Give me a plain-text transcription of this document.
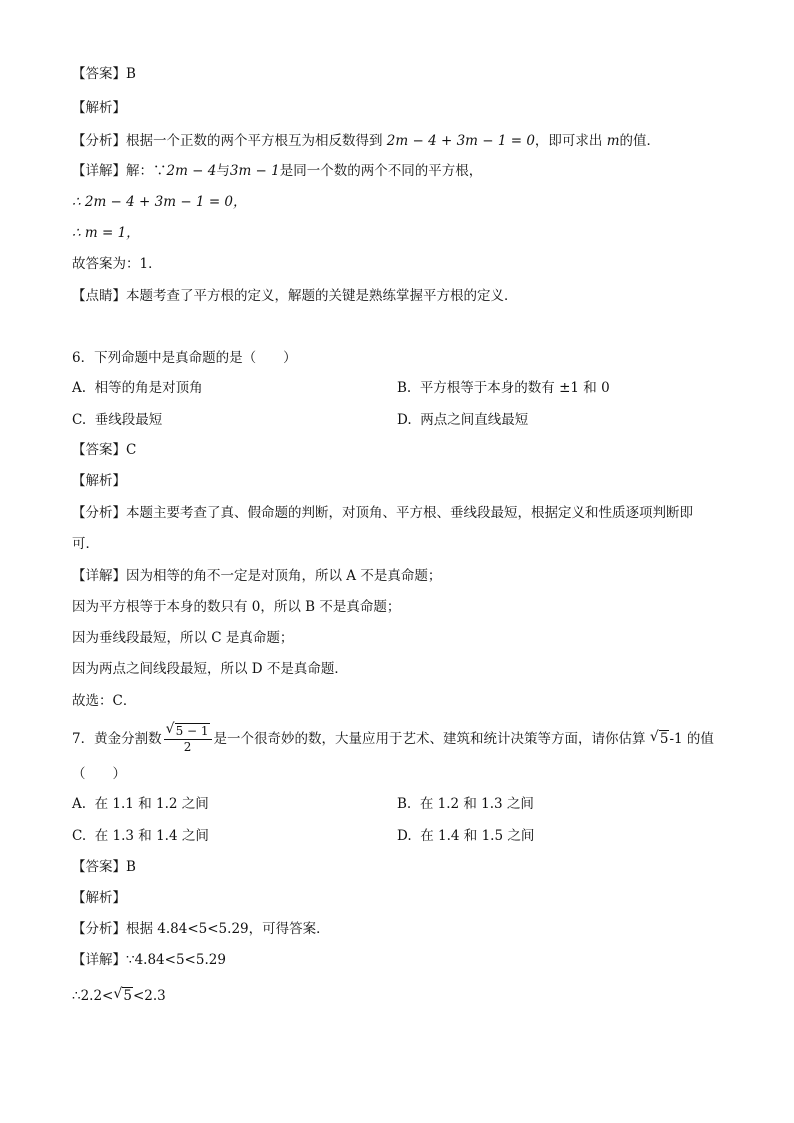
【答案】B
【解析】
【分析】根据一个正数的两个平方根互为相反数得到 2m − 4 + 3m − 1 = 0，即可求出 m的值．
【详解】解：∵2m − 4与3m − 1是同一个数的两个不同的平方根，
∴ 2m − 4 + 3m − 1 = 0，
∴ m = 1，
故答案为：1．
【点睛】本题考查了平方根的定义，解题的关键是熟练掌握平方根的定义．
6．下列命题中是真命题的是（　　）
A. 相等的角是对顶角	B. 平方根等于本身的数有 ±1 和 0
C. 垂线段最短	D. 两点之间直线最短
【答案】C
【解析】
【分析】本题主要考查了真、假命题的判断，对顶角、平方根、垂线段最短，根据定义和性质逐项判断即
可．
【详解】因为相等的角不一定是对顶角，所以 A 不是真命题；
因为平方根等于本身的数只有 0，所以 B 不是真命题；
因为垂线段最短，所以 C 是真命题；
因为两点之间线段最短，所以 D 不是真命题．
故选：C．
7．黄金分割数 $\frac{√ 5 - 1}{2}$ 是一个很奇妙的数，大量应用于艺术、建筑和统计决策等方面，请你估算 √ 5-1 的值
（　　）
A. 在 1.1 和 1.2 之间	B. 在 1.2 和 1.3 之间
C. 在 1.3 和 1.4 之间	D. 在 1.4 和 1.5 之间
【答案】B
【解析】
【分析】根据 4.84<5<5.29，可得答案．
【详解】∵4.84<5<5.29
∴2.2< √ 5<2.3
